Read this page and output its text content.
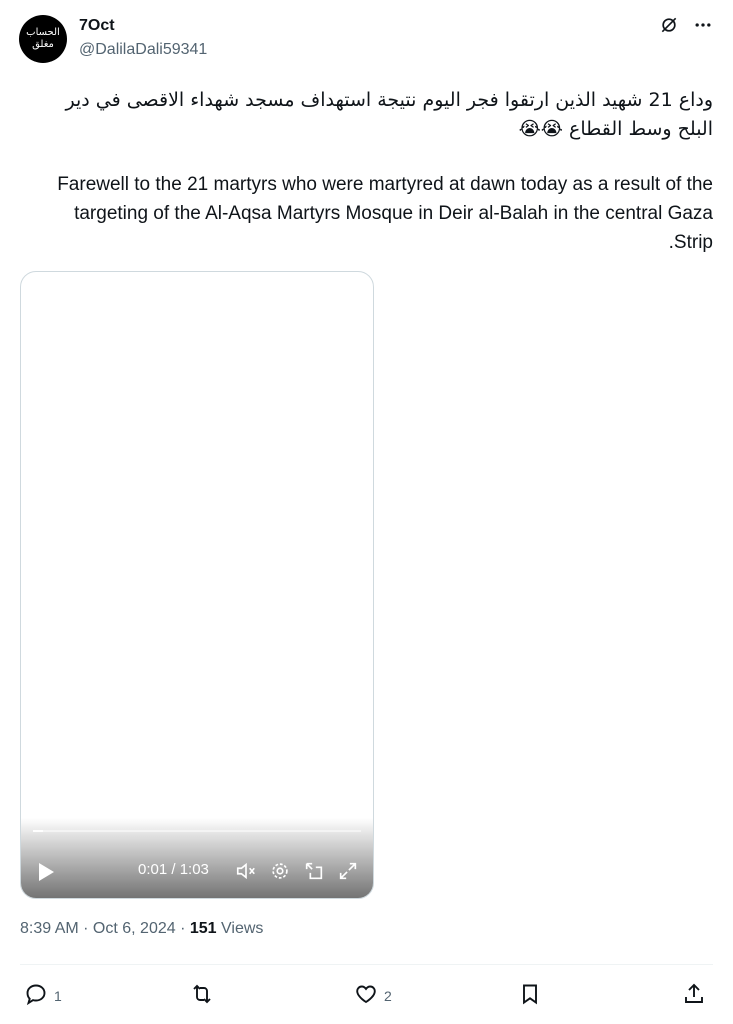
الحساب
مغلق
7Oct
@DalilaDali59341
وداع 21 شهيد الذين ارتقوا فجر اليوم نتيجة استهداف مسجد شهداء الاقصى في دير البلح وسط القطاع 😭😭
Farewell to the 21 martyrs who were martyred at dawn today as a result of the targeting of the Al-Aqsa Martyrs Mosque in Deir al-Balah in the central Gaza Strip.
0:01 / 1:03
8:39 AM · Oct 6, 2024 · 151 Views
1	2
